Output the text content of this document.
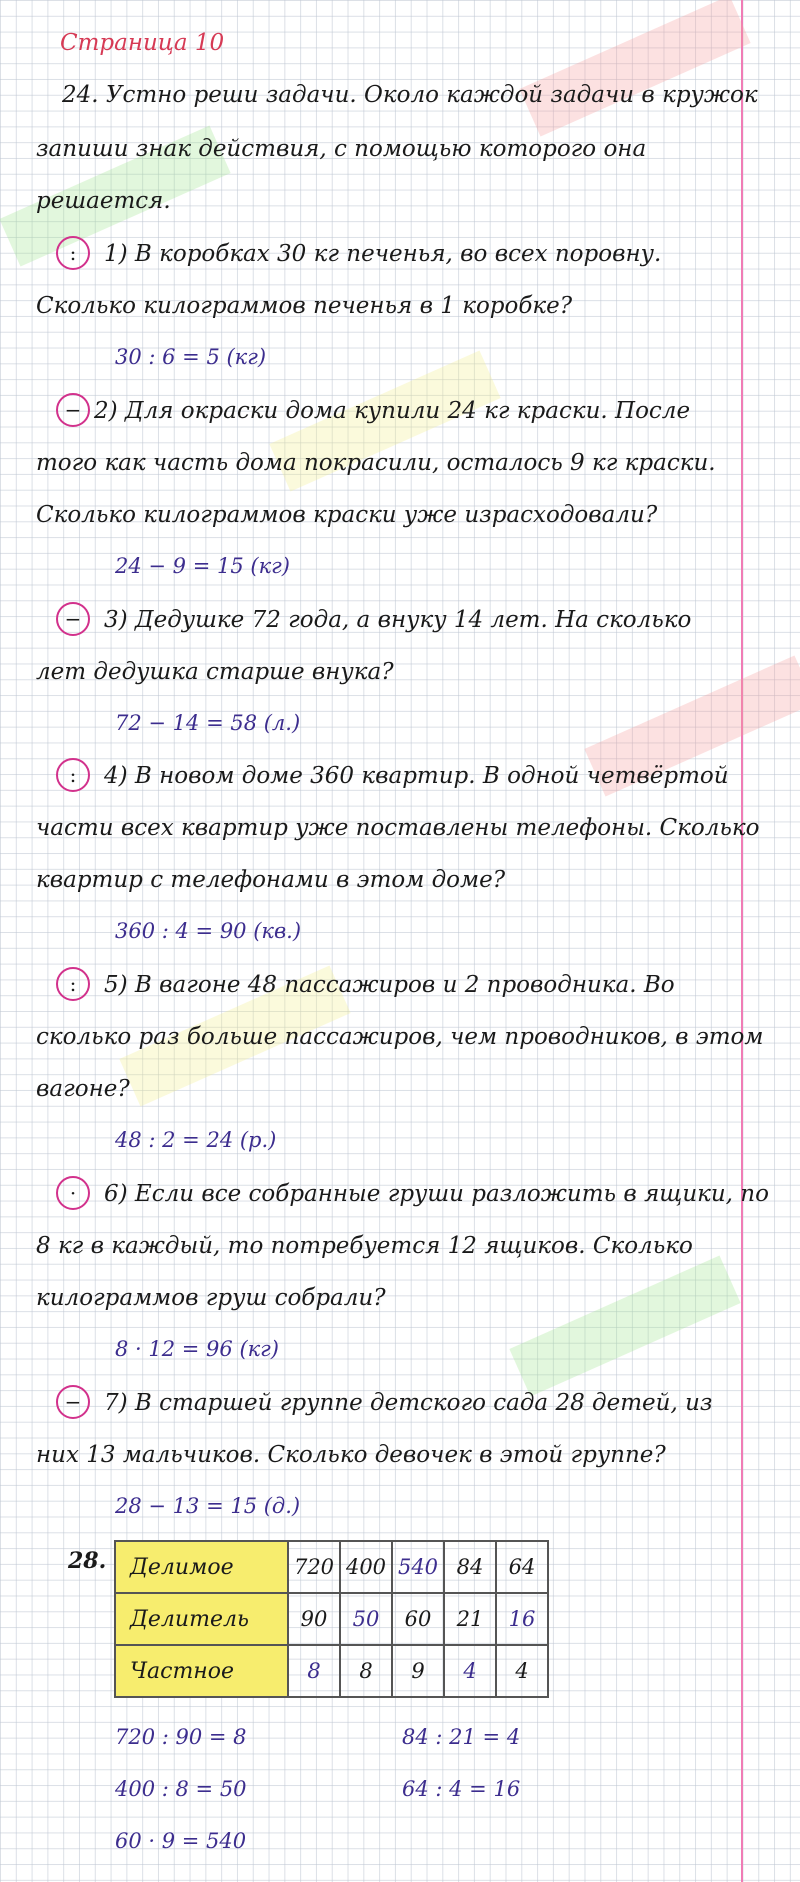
Страница 10
24. Устно реши задачи. Около каждой задачи в кружок
запиши знак действия, с помощью которого она
решается.
:	1) В коробках 30 кг печенья, во всех поровну.
Сколько килограммов печенья в 1 коробке?
30 : 6 = 5 (кг)
− 2) Для окраски дома купили 24 кг краски. После
того как часть дома покрасили, осталось 9 кг краски.
Сколько килограммов краски уже израсходовали?
24 − 9 = 15 (кг)
− 3) Дедушке 72 года, а внуку 14 лет. На сколько
лет дедушка старше внука?
72 − 14 = 58 (л.)
:	4) В новом доме 360 квартир. В одной четвёртой
части всех квартир уже поставлены телефоны. Сколько
квартир с телефонами в этом доме?
360 : 4 = 90 (кв.)
:	5) В вагоне 48 пассажиров и 2 проводника. Во
сколько раз больше пассажиров, чем проводников, в этом
вагоне?
48 : 2 = 24 (р.)
·	6) Если все собранные груши разложить в ящики, по
8 кг в каждый, то потребуется 12 ящиков. Сколько
килограммов груш собрали?
8 · 12 = 96 (кг)
− 7) В старшей группе детского сада 28 детей, из
них 13 мальчиков. Сколько девочек в этой группе?
28 − 13 = 15 (д.)
28. Делимое	720	400	540	84	64
Делитель	90	50	60	21	16
Частное	8	8	9	4	4
720 : 90 = 8
400 : 8 = 50
60 · 9 = 540
84 : 21 = 4
64 : 4 = 16
